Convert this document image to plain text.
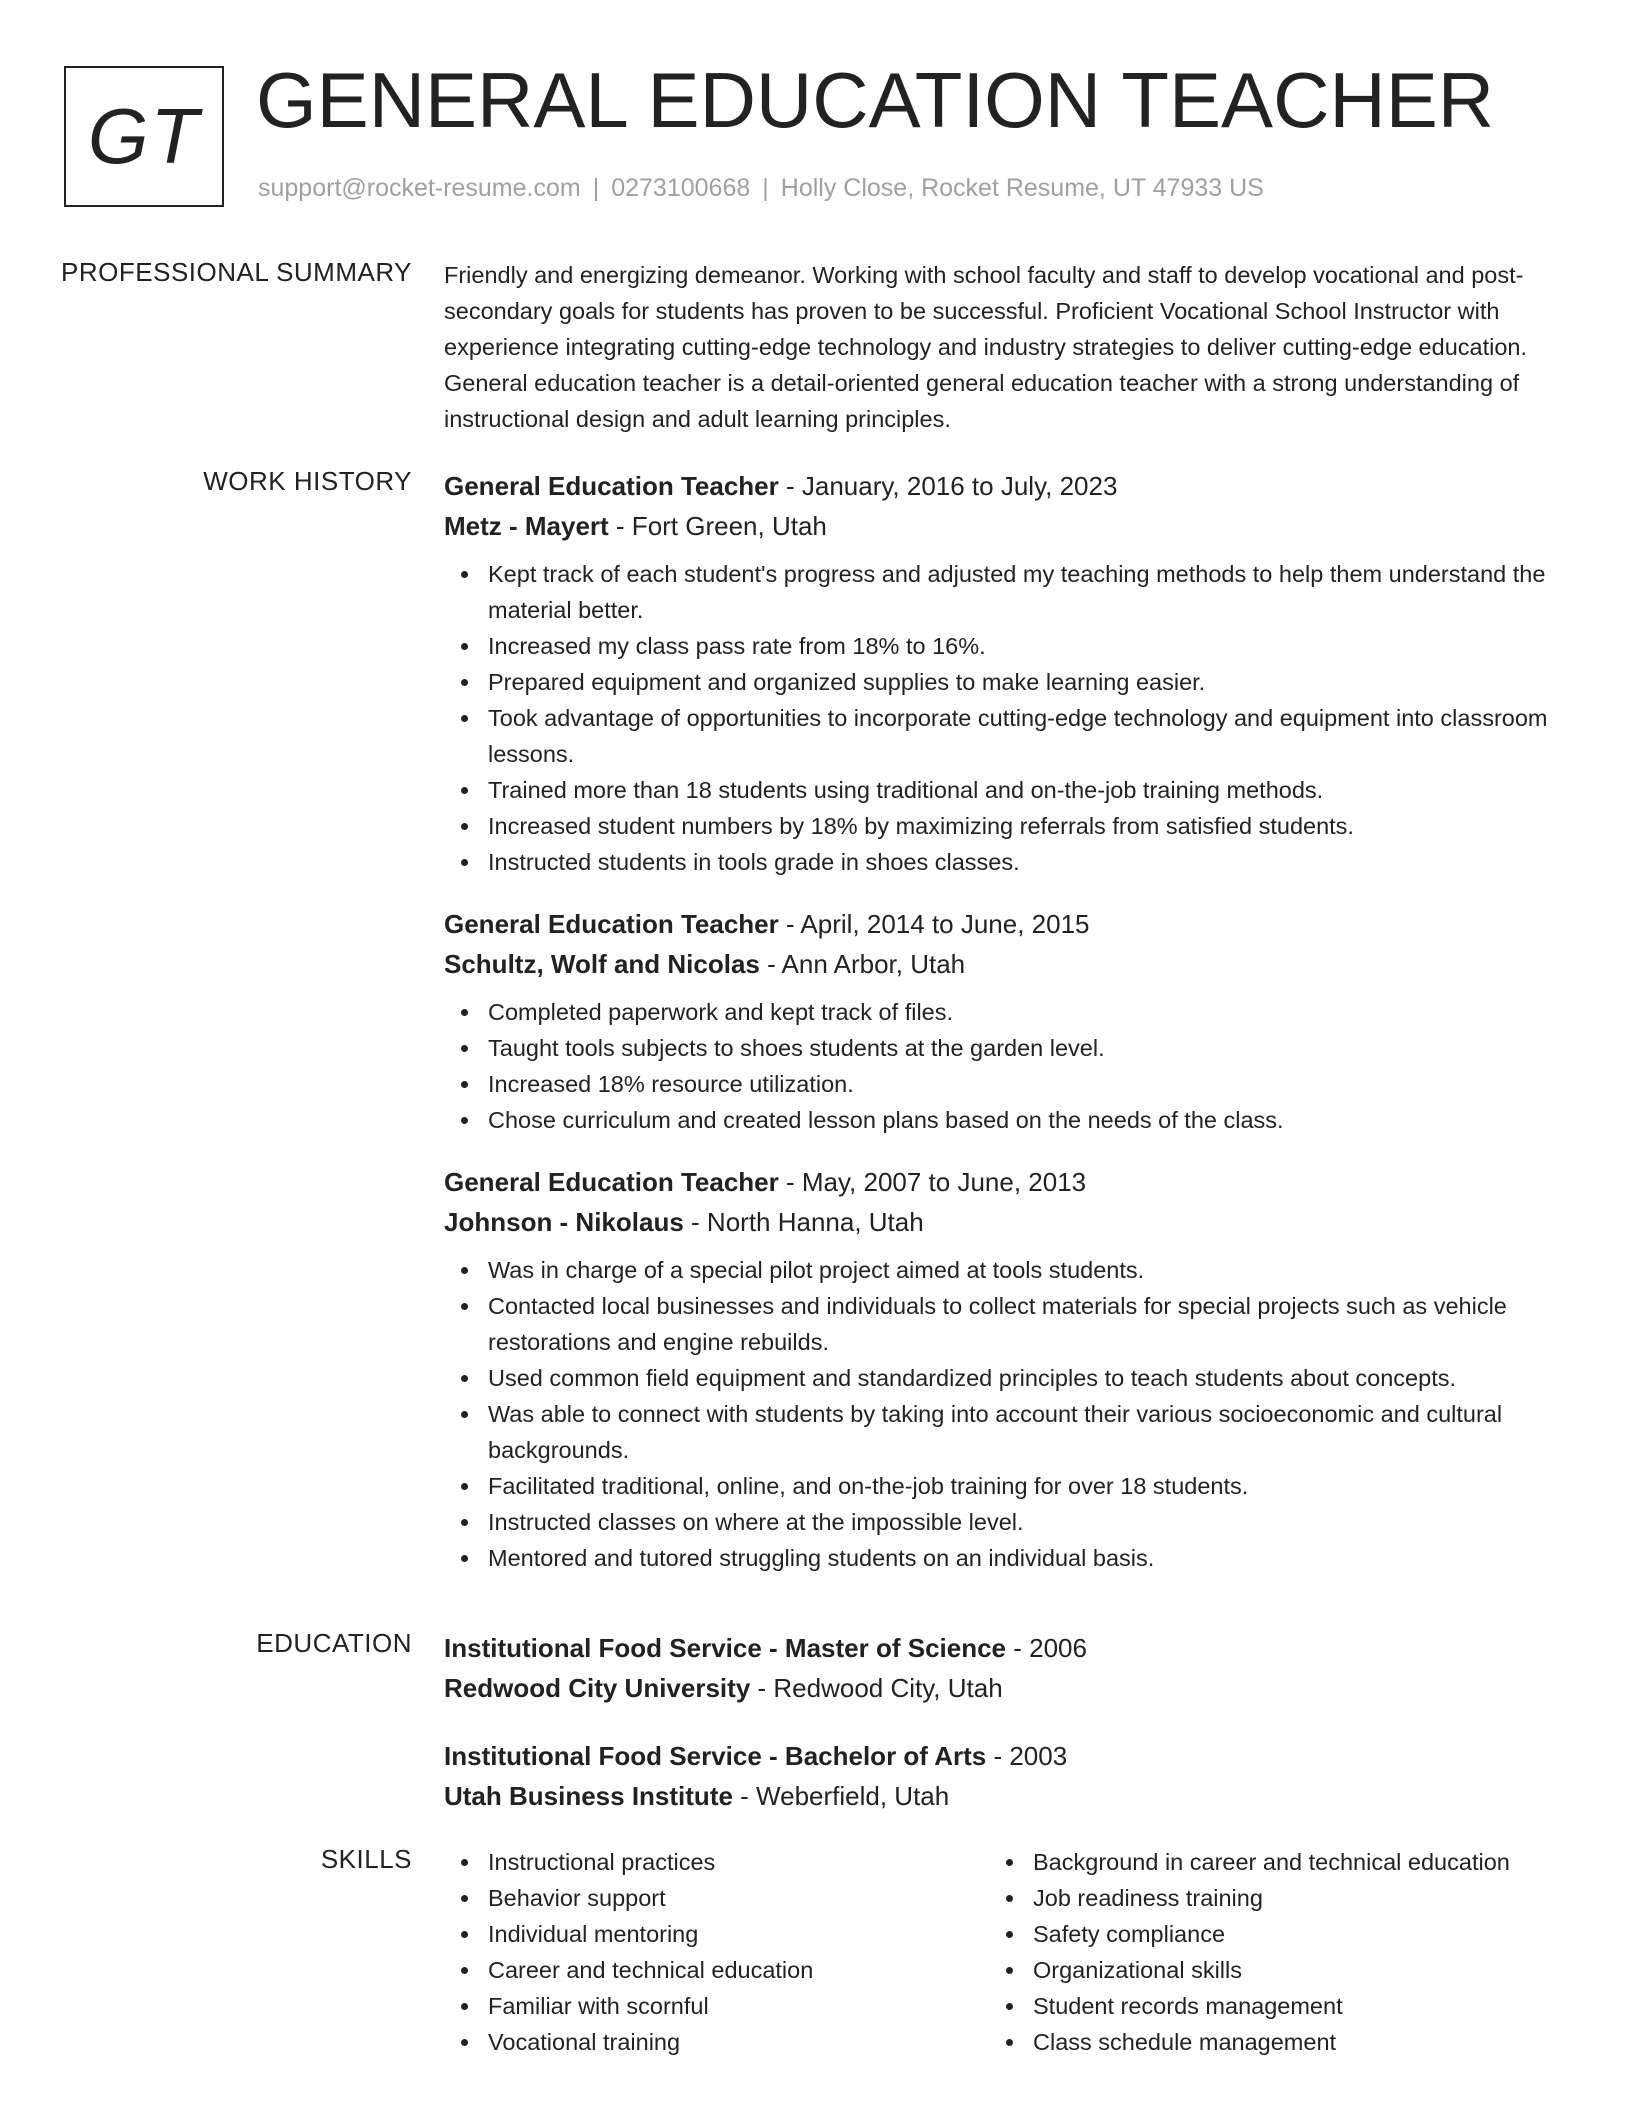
GT GENERAL EDUCATION TEACHER
support@rocket-resume.com | 0273100668 | Holly Close, Rocket Resume, UT 47933 US
PROFESSIONAL SUMMARY Friendly and energizing demeanor. Working with school faculty and staff to develop vocational and post-secondary goals for students has proven to be successful. Proficient Vocational School Instructor with experience integrating cutting-edge technology and industry strategies to deliver cutting-edge education. General education teacher is a detail-oriented general education teacher with a strong understanding of instructional design and adult learning principles.

WORK HISTORY General Education Teacher - January, 2016 to July, 2023
Metz - Mayert - Fort Green, Utah
Kept track of each student's progress and adjusted my teaching methods to help them understand the material better.
Increased my class pass rate from 18% to 16%.
Prepared equipment and organized supplies to make learning easier.
Took advantage of opportunities to incorporate cutting-edge technology and equipment into classroom lessons.
Trained more than 18 students using traditional and on-the-job training methods.
Increased student numbers by 18% by maximizing referrals from satisfied students.
Instructed students in tools grade in shoes classes.
General Education Teacher - April, 2014 to June, 2015
Schultz, Wolf and Nicolas - Ann Arbor, Utah
Completed paperwork and kept track of files.
Taught tools subjects to shoes students at the garden level.
Increased 18% resource utilization.
Chose curriculum and created lesson plans based on the needs of the class.
General Education Teacher - May, 2007 to June, 2013
Johnson - Nikolaus - North Hanna, Utah
Was in charge of a special pilot project aimed at tools students.
Contacted local businesses and individuals to collect materials for special projects such as vehicle restorations and engine rebuilds.
Used common field equipment and standardized principles to teach students about concepts.
Was able to connect with students by taking into account their various socioeconomic and cultural backgrounds.
Facilitated traditional, online, and on-the-job training for over 18 students.
Instructed classes on where at the impossible level.
Mentored and tutored struggling students on an individual basis.
EDUCATION Institutional Food Service - Master of Science - 2006
Redwood City University - Redwood City, Utah
Institutional Food Service - Bachelor of Arts - 2003
Utah Business Institute - Weberfield, Utah
SKILLS	Instructional practices
Behavior support
Individual mentoring
Career and technical education
Familiar with scornful
Vocational training
Background in career and technical education
Job readiness training
Safety compliance
Organizational skills
Student records management
Class schedule management
